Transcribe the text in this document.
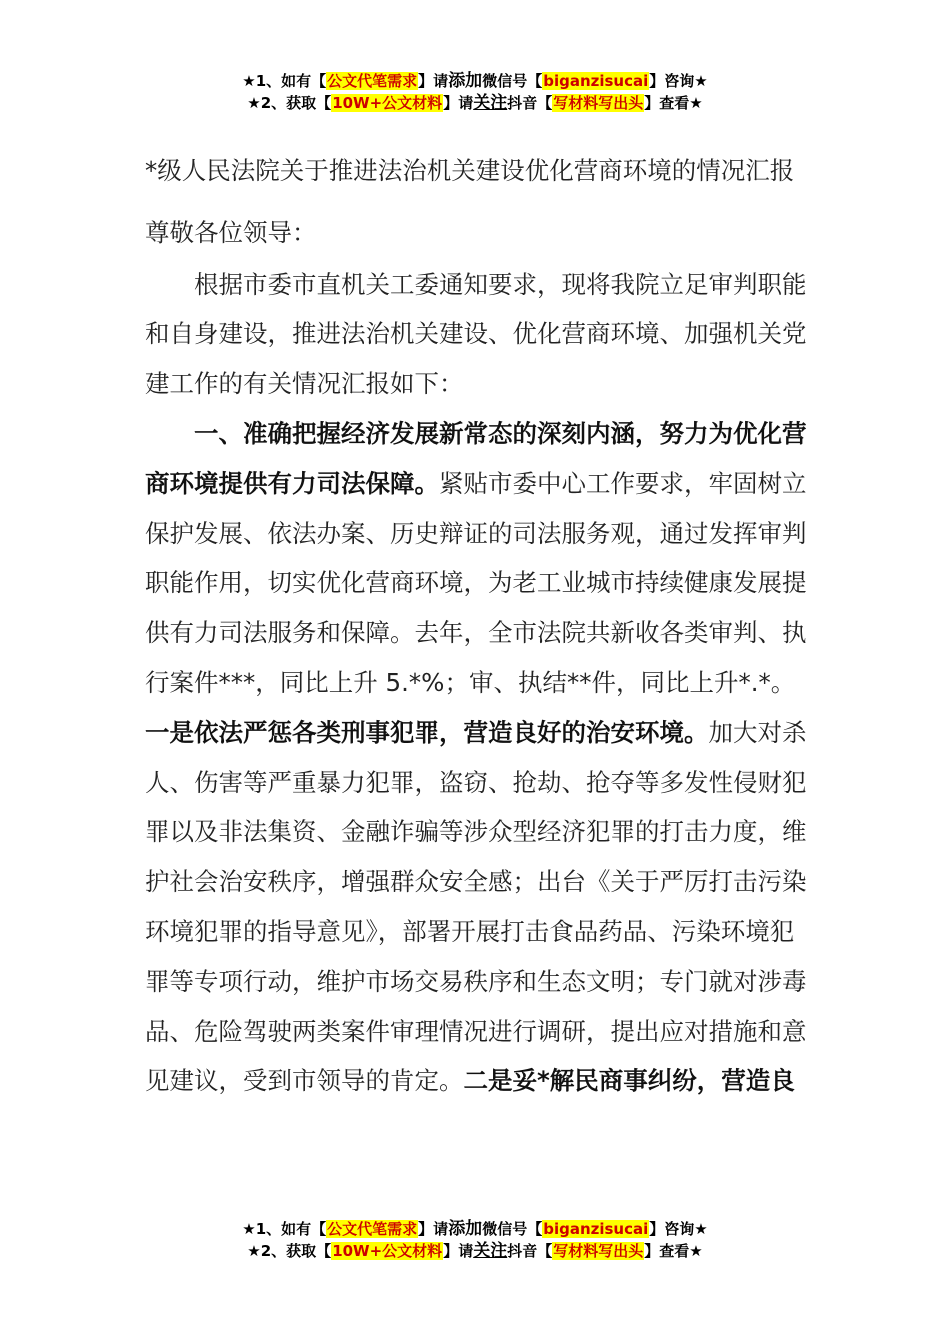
★1、如有【公文代笔需求】请添加微信号【biganzisucai】咨询★
★2、获取【10W+公文材料】请关注抖音【写材料写出头】查看★

*级人民法院关于推进法治机关建设优化营商环境的情况汇报

尊敬各位领导：

根据市委市直机关工委通知要求，现将我院立足审判职能和自身建设，推进法治机关建设、优化营商环境、加强机关党建工作的有关情况汇报如下：

一、准确把握经济发展新常态的深刻内涵，努力为优化营商环境提供有力司法保障。紧贴市委中心工作要求，牢固树立保护发展、依法办案、历史辩证的司法服务观，通过发挥审判职能作用，切实优化营商环境，为老工业城市持续健康发展提供有力司法服务和保障。去年，全市法院共新收各类审判、执行案件***，同比上升 5.*%；审、执结**件，同比上升*.*。一是依法严惩各类刑事犯罪，营造良好的治安环境。加大对杀人、伤害等严重暴力犯罪，盗窃、抢劫、抢夺等多发性侵财犯罪以及非法集资、金融诈骗等涉众型经济犯罪的打击力度，维护社会治安秩序，增强群众安全感；出台《关于严厉打击污染环境犯罪的指导意见》，部署开展打击食品药品、污染环境犯罪等专项行动，维护市场交易秩序和生态文明；专门就对涉毒品、危险驾驶两类案件审理情况进行调研，提出应对措施和意见建议，受到市领导的肯定。二是妥*解民商事纠纷，营造良

★1、如有【公文代笔需求】请添加微信号【biganzisucai】咨询★
★2、获取【10W+公文材料】请关注抖音【写材料写出头】查看★
